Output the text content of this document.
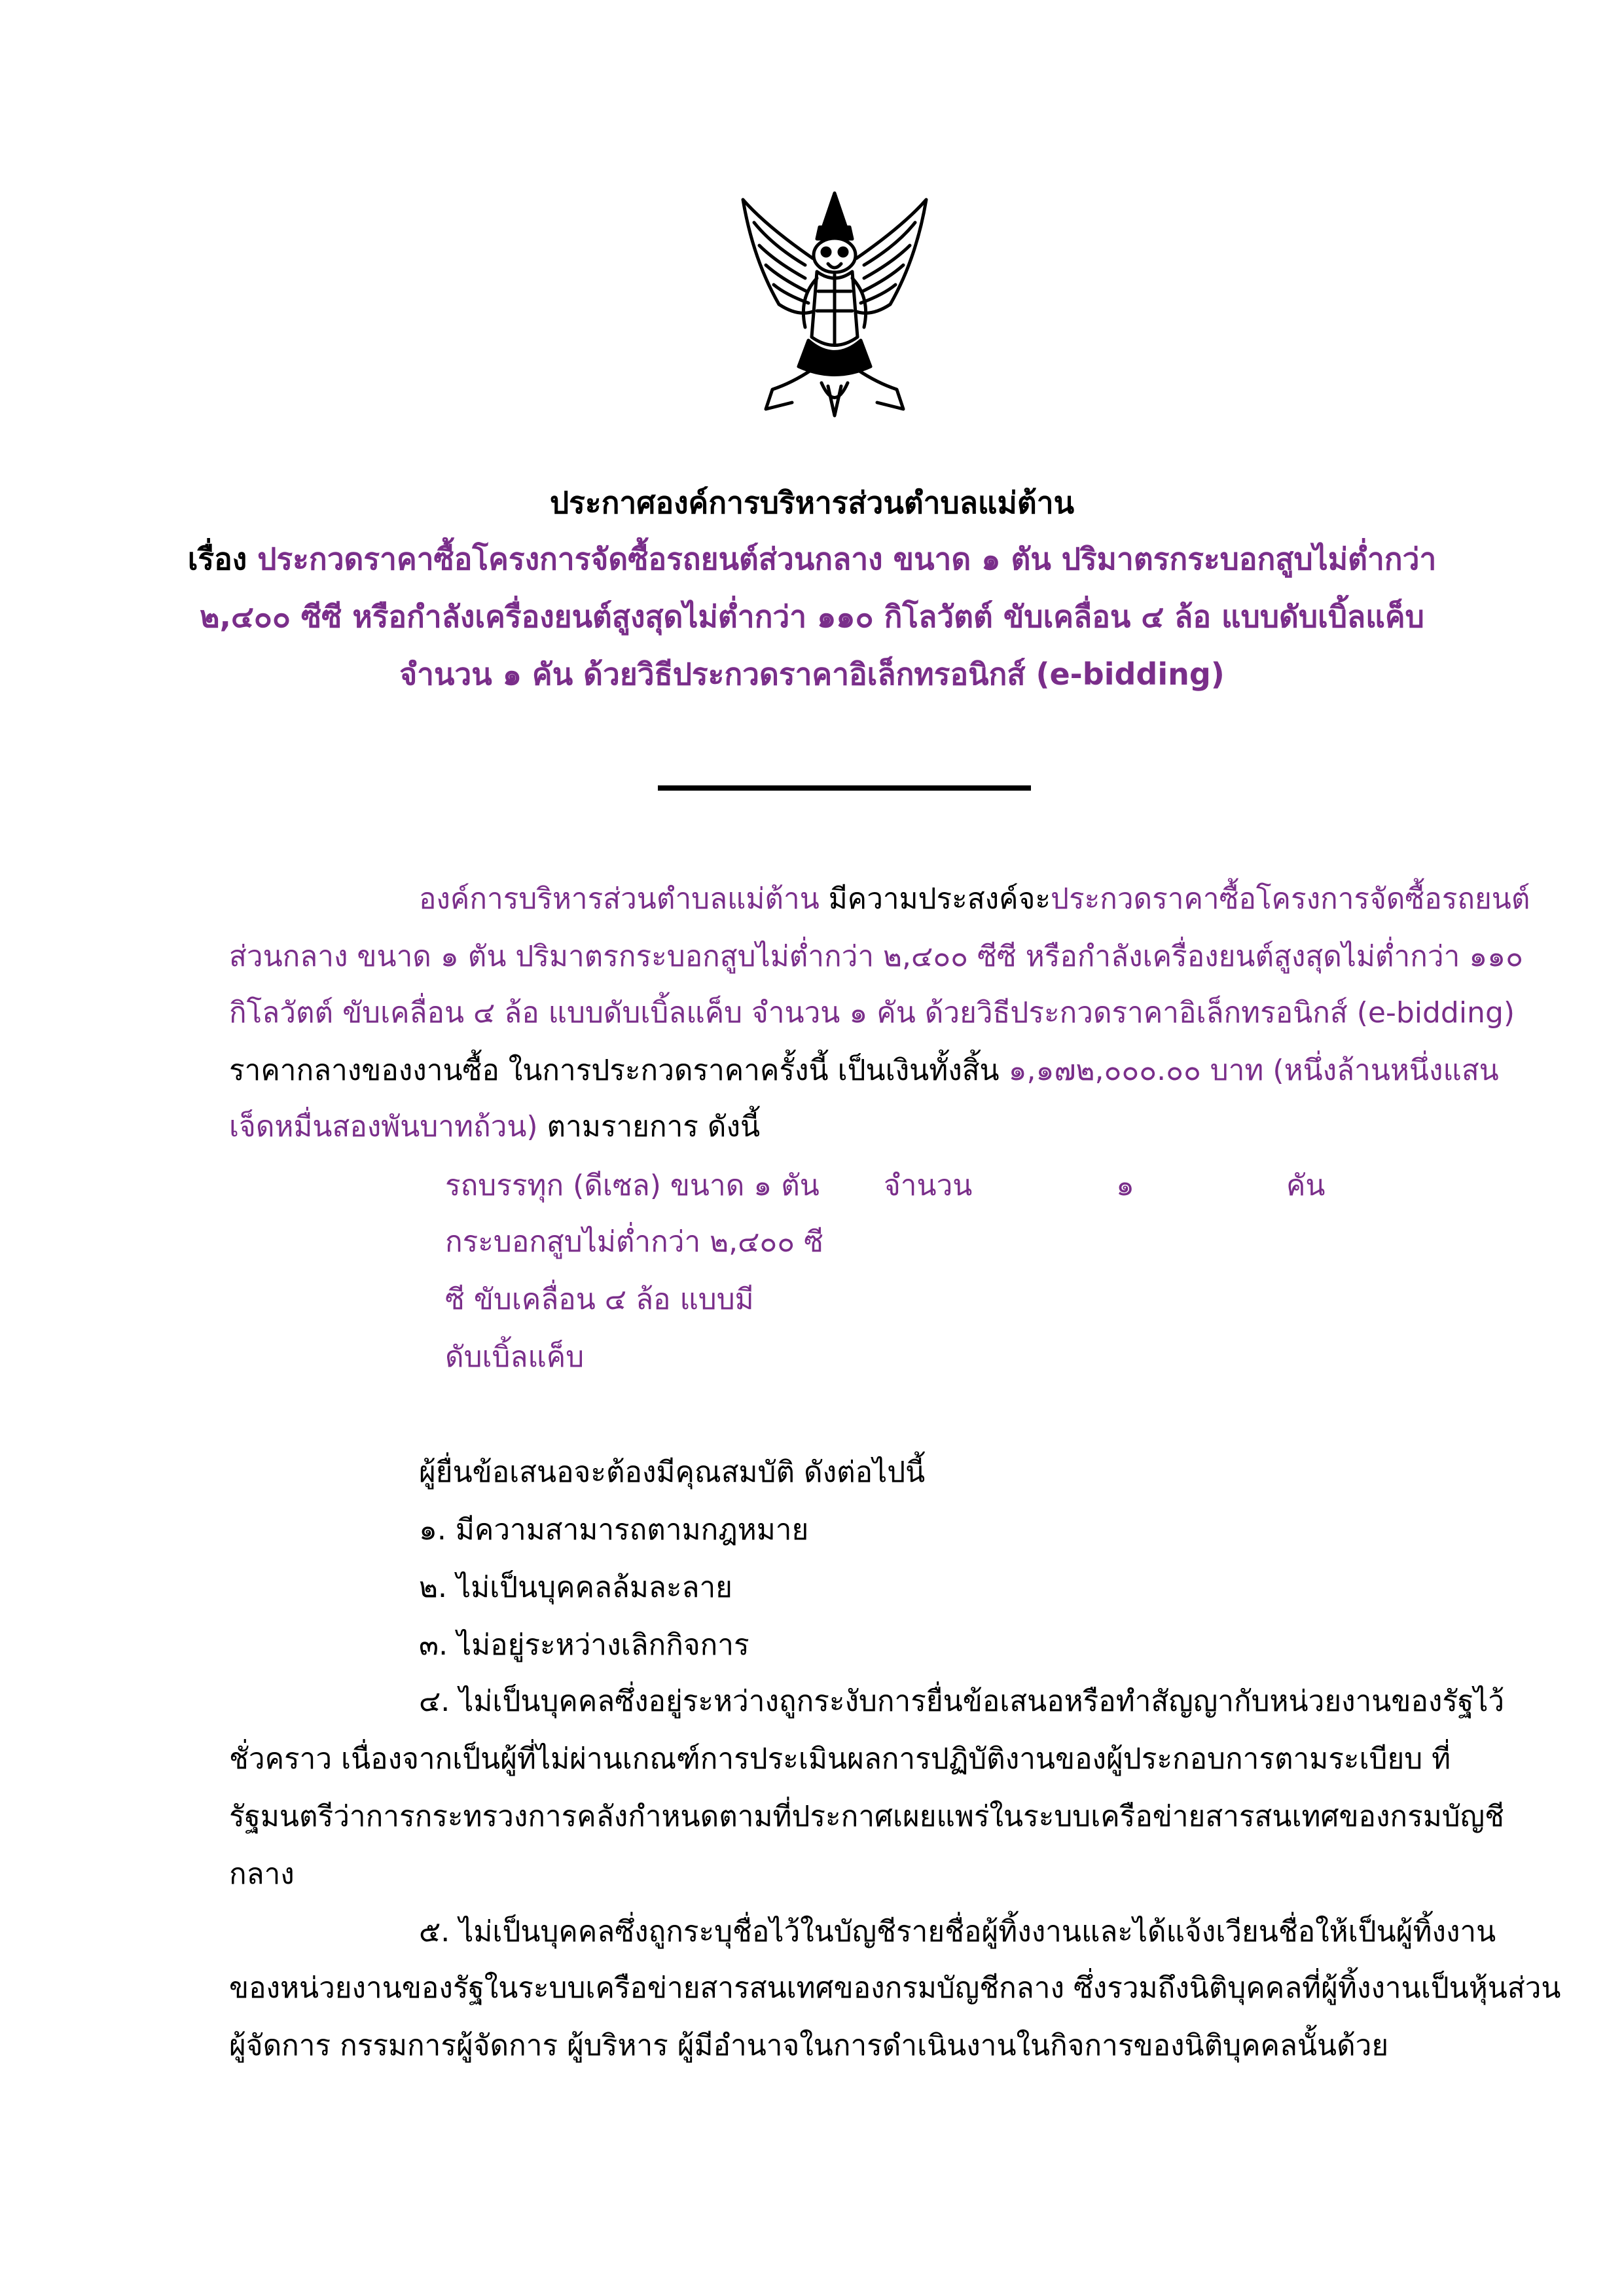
ประกาศองค์การบริหารส่วนตำบลแม่ต้าน
เรื่อง ประกวดราคาซื้อโครงการจัดซื้อรถยนต์ส่วนกลาง ขนาด ๑ ตัน ปริมาตรกระบอกสูบไม่ต่ำกว่า
๒,๔๐๐ ซีซี หรือกำลังเครื่องยนต์สูงสุดไม่ต่ำกว่า ๑๑๐ กิโลวัตต์ ขับเคลื่อน ๔ ล้อ แบบดับเบิ้ลแค็บ
จำนวน ๑ คัน ด้วยวิธีประกวดราคาอิเล็กทรอนิกส์ (e-bidding)
องค์การบริหารส่วนตำบลแม่ต้าน มีความประสงค์จะประกวดราคาซื้อโครงการจัดซื้อรถยนต์
ส่วนกลาง ขนาด ๑ ตัน ปริมาตรกระบอกสูบไม่ต่ำกว่า ๒,๔๐๐ ซีซี หรือกำลังเครื่องยนต์สูงสุดไม่ต่ำกว่า ๑๑๐
กิโลวัตต์ ขับเคลื่อน ๔ ล้อ แบบดับเบิ้ลแค็บ จำนวน ๑ คัน ด้วยวิธีประกวดราคาอิเล็กทรอนิกส์ (e-bidding)
ราคากลางของงานซื้อ ในการประกวดราคาครั้งนี้ เป็นเงินทั้งสิ้น ๑,๑๗๒,๐๐๐.๐๐ บาท (หนึ่งล้านหนึ่งแสน
เจ็ดหมื่นสองพันบาทถ้วน) ตามรายการ ดังนี้
รถบรรทุก (ดีเซล) ขนาด ๑ ตัน จำนวน	๑	คัน
กระบอกสูบไม่ต่ำกว่า ๒,๔๐๐ ซี
ซี ขับเคลื่อน ๔ ล้อ แบบมี
ดับเบิ้ลแค็บ
ผู้ยื่นข้อเสนอจะต้องมีคุณสมบัติ ดังต่อไปนี้
๑. มีความสามารถตามกฎหมาย
๒. ไม่เป็นบุคคลล้มละลาย
๓. ไม่อยู่ระหว่างเลิกกิจการ
๔. ไม่เป็นบุคคลซึ่งอยู่ระหว่างถูกระงับการยื่นข้อเสนอหรือทำสัญญากับหน่วยงานของรัฐไว้
ชั่วคราว เนื่องจากเป็นผู้ที่ไม่ผ่านเกณฑ์การประเมินผลการปฏิบัติงานของผู้ประกอบการตามระเบียบ ที่
รัฐมนตรีว่าการกระทรวงการคลังกำหนดตามที่ประกาศเผยแพร่ในระบบเครือข่ายสารสนเทศของกรมบัญชี
กลาง
๕. ไม่เป็นบุคคลซึ่งถูกระบุชื่อไว้ในบัญชีรายชื่อผู้ทิ้งงานและได้แจ้งเวียนชื่อให้เป็นผู้ทิ้งงาน
ของหน่วยงานของรัฐในระบบเครือข่ายสารสนเทศของกรมบัญชีกลาง ซึ่งรวมถึงนิติบุคคลที่ผู้ทิ้งงานเป็นหุ้นส่วน
ผู้จัดการ กรรมการผู้จัดการ ผู้บริหาร ผู้มีอำนาจในการดำเนินงานในกิจการของนิติบุคคลนั้นด้วย
